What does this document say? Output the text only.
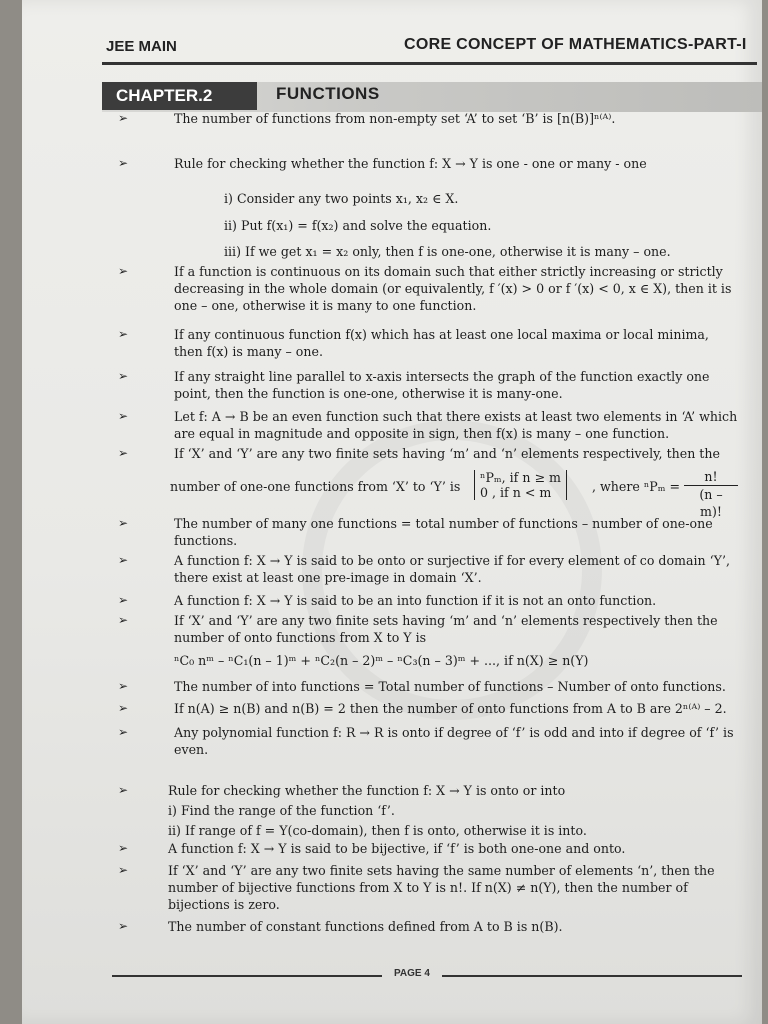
JEE MAIN	CORE CONCEPT OF MATHEMATICS-PART-I
CHAPTER.2	FUNCTIONS
➢	The number of functions from non-empty set ‘A’ to set ‘B’ is [n(B)]ⁿ⁽ᴬ⁾.
➢	Rule for checking whether the function f: X → Y is one - one or many - one
i) Consider any two points x₁, x₂ ∈ X.
ii) Put f(x₁) = f(x₂) and solve the equation.
iii) If we get x₁ = x₂ only, then f is one-one, otherwise it is many – one.
➢	If a function is continuous on its domain such that either strictly increasing or strictly decreasing in the whole domain (or equivalently, f ′(x) > 0 or f ′(x) < 0, x ∈ X), then it is one – one, otherwise it is many to one function.
➢	If any continuous function f(x) which has at least one local maxima or local minima, then f(x) is many – one.
➢	If any straight line parallel to x-axis intersects the graph of the function exactly one point, then the function is one-one, otherwise it is many-one.
➢	Let f: A → B be an even function such that there exists at least two elements in ‘A’ which are equal in magnitude and opposite in sign, then f(x) is many – one function.
➢	If ‘X’ and ‘Y’ are any two finite sets having ‘m’ and ‘n’ elements respectively, then the
number of one-one functions from ‘X’ to ‘Y’ is
ⁿPₘ, if n ≥ m
0 , if n < m	, where $^nP_m = \frac{n!}{(n - m)!}$
➢	The number of many one functions = total number of functions – number of one-one functions.
➢	A function f: X → Y is said to be onto or surjective if for every element of co domain ‘Y’, there exist at least one pre-image in domain ‘X’.
➢	A function f: X → Y is said to be an into function if it is not an onto function.
➢	If ‘X’ and ‘Y’ are any two finite sets having ‘m’ and ‘n’ elements respectively then the number of onto functions from X to Y is
ⁿC₀ nᵐ – ⁿC₁(n – 1)ᵐ + ⁿC₂(n – 2)ᵐ – ⁿC₃(n – 3)ᵐ + ..., if n(X) ≥ n(Y)
➢	The number of into functions = Total number of functions – Number of onto functions.
➢	If n(A) ≥ n(B) and n(B) = 2 then the number of onto functions from A to B are 2ⁿ⁽ᴬ⁾ – 2.
➢	Any polynomial function f: R → R is onto if degree of ‘f’ is odd and into if degree of ‘f’ is even.
➢	Rule for checking whether the function f: X → Y is onto or into
i) Find the range of the function ‘f’.
ii) If range of f = Y(co-domain), then f is onto, otherwise it is into.
➢	A function f: X → Y is said to be bijective, if ‘f’ is both one-one and onto.
➢	If ‘X’ and ‘Y’ are any two finite sets having the same number of elements ‘n’, then the number of bijective functions from X to Y is n!. If n(X) ≠ n(Y), then the number of bijections is zero.
➢	The number of constant functions defined from A to B is n(B).
PAGE 4
